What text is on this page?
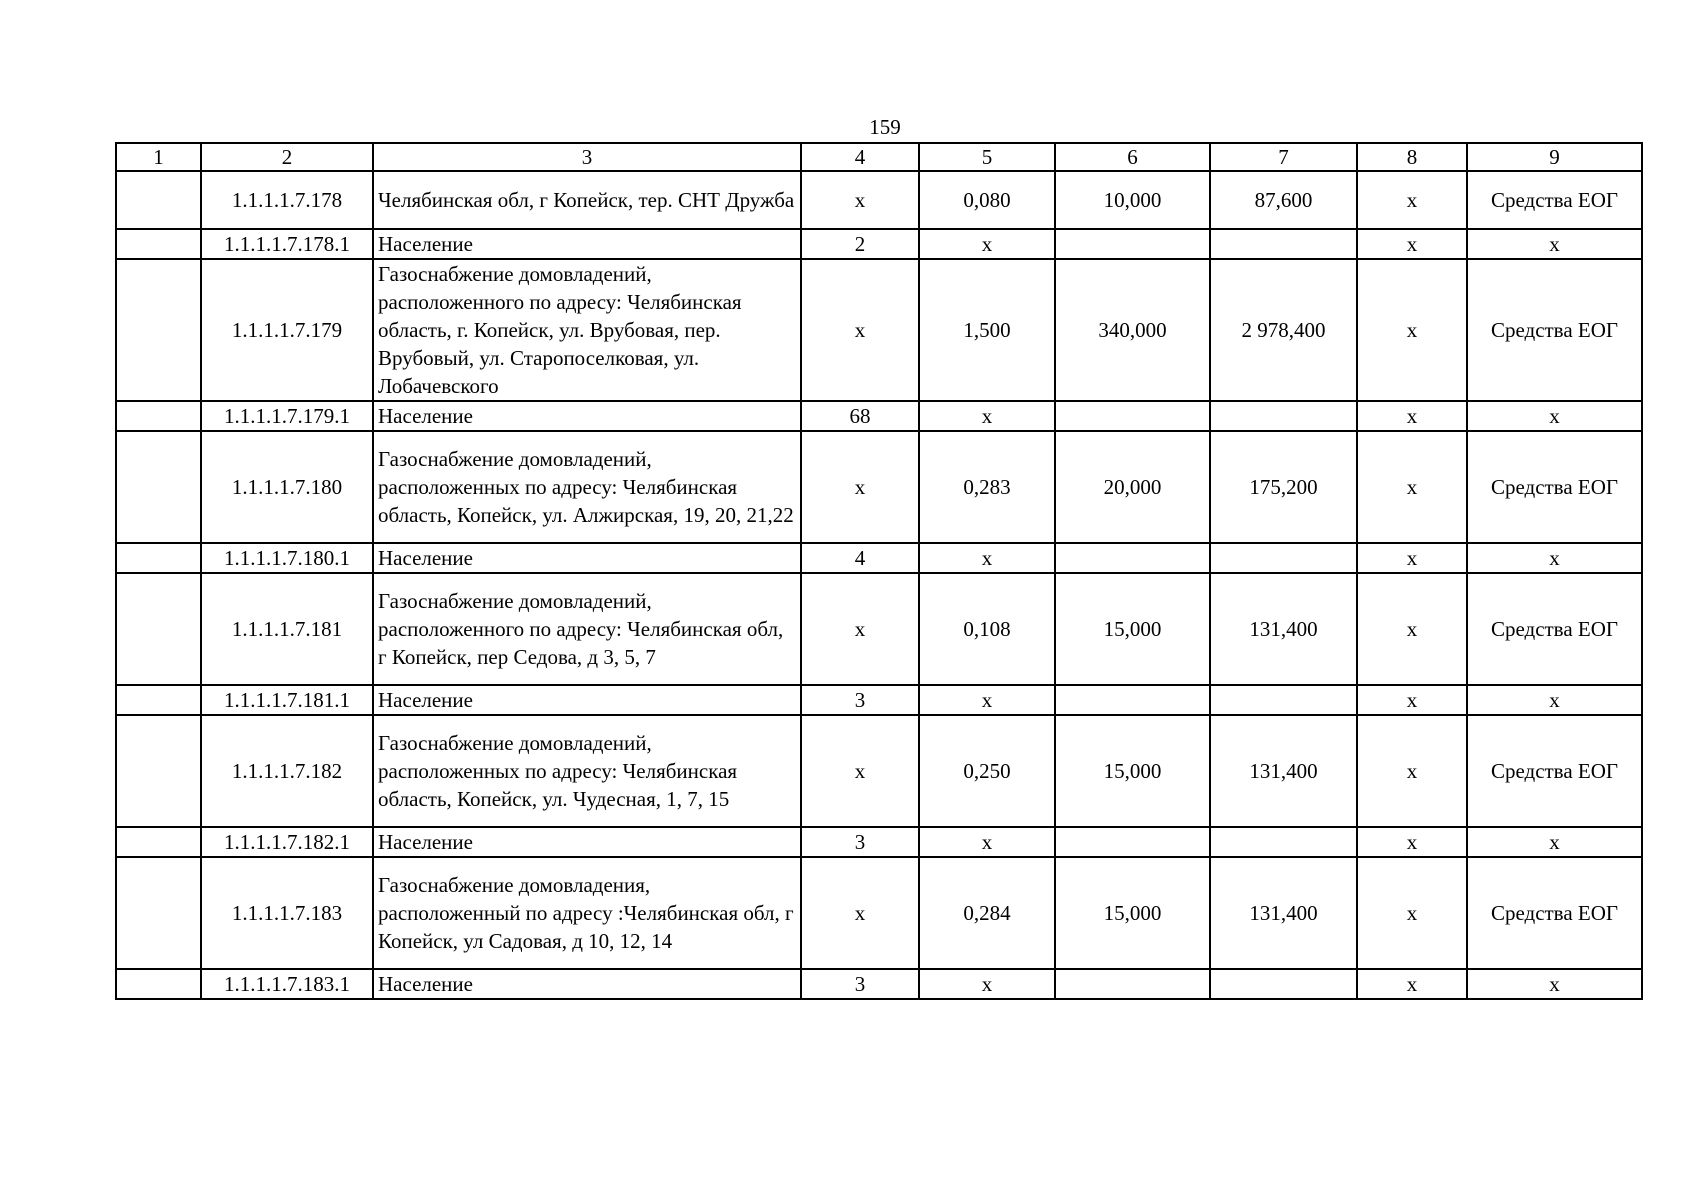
159
1	2	3	4	5	6	7	8	9
	1.1.1.1.7.178	Челябинская обл, г Копейск, тер. СНТ Дружба	х	0,080	10,000	87,600	х	Средства ЕОГ
	1.1.1.1.7.178.1	Население	2	х			х	х
	1.1.1.1.7.179	Газоснабжение домовладений, расположенного по адресу: Челябинская область, г. Копейск, ул. Врубовая, пер. Врубовый, ул. Старопоселковая, ул. Лобачевского	х	1,500	340,000	2 978,400	х	Средства ЕОГ
	1.1.1.1.7.179.1	Население	68	х			х	х
	1.1.1.1.7.180	Газоснабжение домовладений, расположенных по адресу: Челябинская область, Копейск, ул. Алжирская, 19, 20, 21,22	х	0,283	20,000	175,200	х	Средства ЕОГ
	1.1.1.1.7.180.1	Население	4	х			х	х
	1.1.1.1.7.181	Газоснабжение домовладений, расположенного по адресу: Челябинская обл, г Копейск, пер Седова, д 3, 5, 7	х	0,108	15,000	131,400	х	Средства ЕОГ
	1.1.1.1.7.181.1	Население	3	х			х	х
	1.1.1.1.7.182	Газоснабжение домовладений, расположенных по адресу: Челябинская область, Копейск, ул. Чудесная, 1, 7, 15	х	0,250	15,000	131,400	х	Средства ЕОГ
	1.1.1.1.7.182.1	Население	3	х			х	х
	1.1.1.1.7.183	Газоснабжение домовладения, расположенный по адресу :Челябинская обл, г Копейск, ул Садовая, д 10, 12, 14	х	0,284	15,000	131,400	х	Средства ЕОГ
	1.1.1.1.7.183.1	Население	3	х			х	х
